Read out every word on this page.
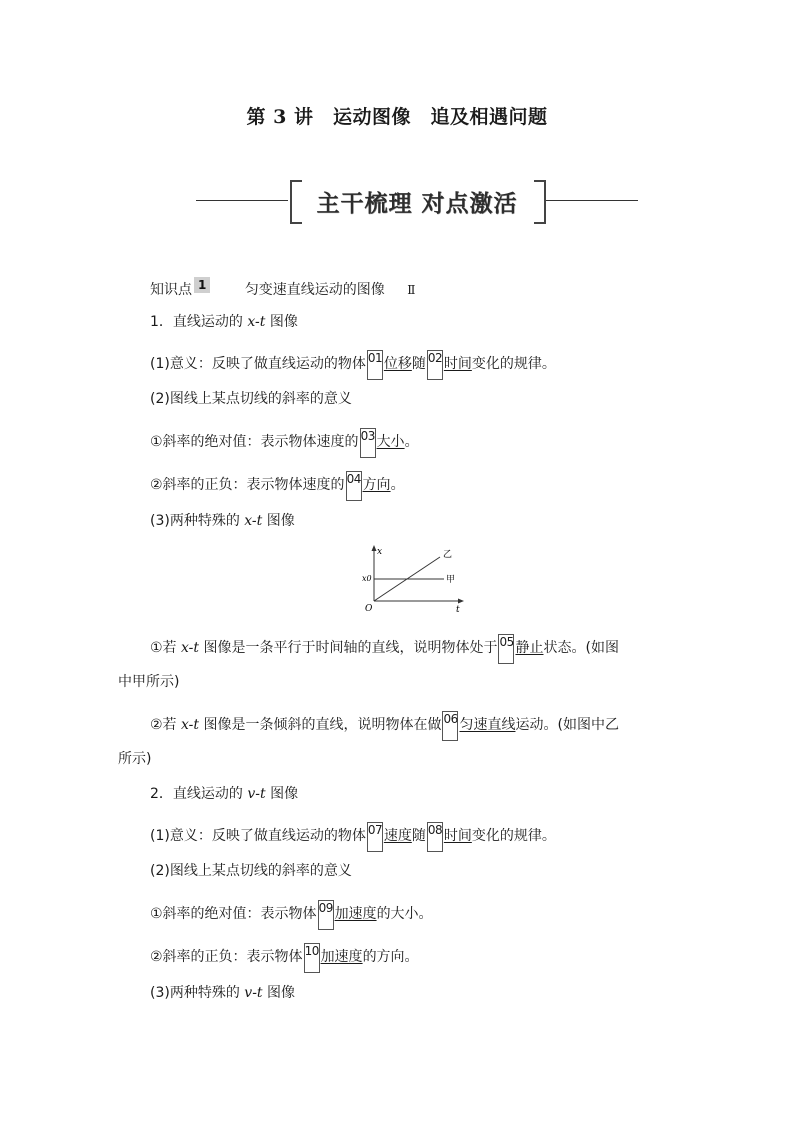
第 3 讲　运动图像　追及相遇问题
主干梳理 对点激活
知识点 1	匀变速直线运动的图像 Ⅱ
1．直线运动的 x-t 图像
(1)意义：反映了做直线运动的物体 01 位移随 02 时间变化的规律。
(2)图线上某点切线的斜率的意义
①斜率的绝对值：表示物体速度的 03 大小。
②斜率的正负：表示物体速度的 04 方向。
(3)两种特殊的 x-t 图像
x
t
O
x0	甲
乙
①若 x-t 图像是一条平行于时间轴的直线，说明物体处于 05 静止状态。(如图
中甲所示)
②若 x-t 图像是一条倾斜的直线，说明物体在做 06 匀速直线运动。(如图中乙
所示)
2．直线运动的 v-t 图像
(1)意义：反映了做直线运动的物体 07 速度随 08 时间变化的规律。
(2)图线上某点切线的斜率的意义
①斜率的绝对值：表示物体 09 加速度的大小。
②斜率的正负：表示物体 10 加速度的方向。
(3)两种特殊的 v-t 图像
